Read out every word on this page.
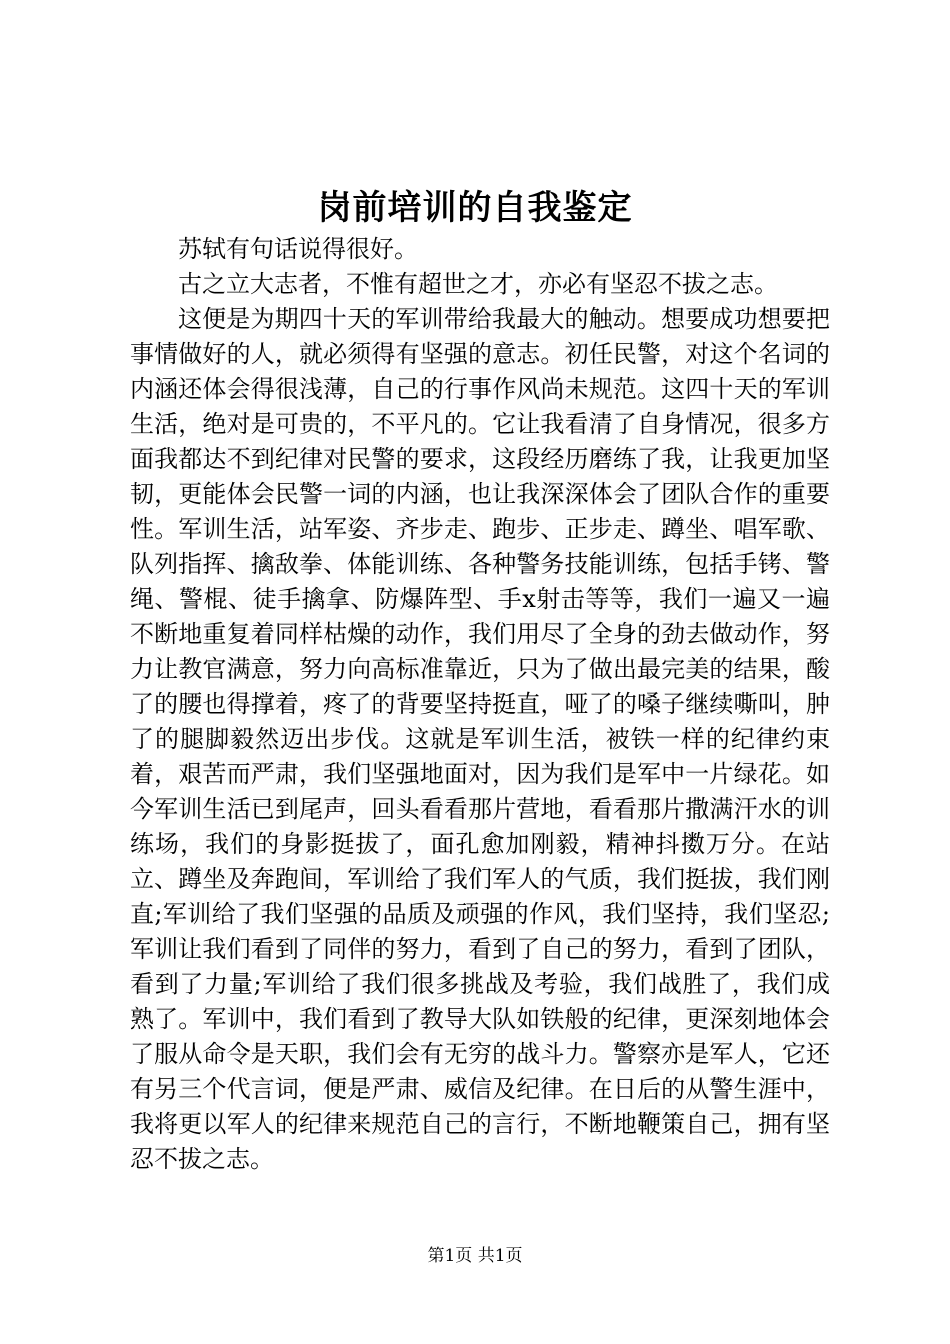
岗前培训的自我鉴定

苏轼有句话说得很好。

古之立大志者，不惟有超世之才，亦必有坚忍不拔之志。

这便是为期四十天的军训带给我最大的触动。想要成功想要把事情做好的人，就必须得有坚强的意志。初任民警，对这个名词的内涵还体会得很浅薄，自己的行事作风尚未规范。这四十天的军训生活，绝对是可贵的，不平凡的。它让我看清了自身情况，很多方面我都达不到纪律对民警的要求，这段经历磨练了我，让我更加坚韧，更能体会民警一词的内涵，也让我深深体会了团队合作的重要性。军训生活，站军姿、齐步走、跑步、正步走、蹲坐、唱军歌、队列指挥、擒敌拳、体能训练、各种警务技能训练，包括手铐、警绳、警棍、徒手擒拿、防爆阵型、手x射击等等，我们一遍又一遍不断地重复着同样枯燥的动作，我们用尽了全身的劲去做动作，努力让教官满意，努力向高标准靠近，只为了做出最完美的结果，酸了的腰也得撑着，疼了的背要坚持挺直，哑了的嗓子继续嘶叫，肿了的腿脚毅然迈出步伐。这就是军训生活，被铁一样的纪律约束着，艰苦而严肃，我们坚强地面对，因为我们是军中一片绿花。如今军训生活已到尾声，回头看看那片营地，看看那片撒满汗水的训练场，我们的身影挺拔了，面孔愈加刚毅，精神抖擞万分。在站立、蹲坐及奔跑间，军训给了我们军人的气质，我们挺拔，我们刚直;军训给了我们坚强的品质及顽强的作风，我们坚持，我们坚忍;军训让我们看到了同伴的努力，看到了自己的努力，看到了团队，看到了力量;军训给了我们很多挑战及考验，我们战胜了，我们成熟了。军训中，我们看到了教导大队如铁般的纪律，更深刻地体会了服从命令是天职，我们会有无穷的战斗力。警察亦是军人，它还有另三个代言词，便是严肃、威信及纪律。在日后的从警生涯中，我将更以军人的纪律来规范自己的言行，不断地鞭策自己，拥有坚忍不拔之志。

第1页 共1页
